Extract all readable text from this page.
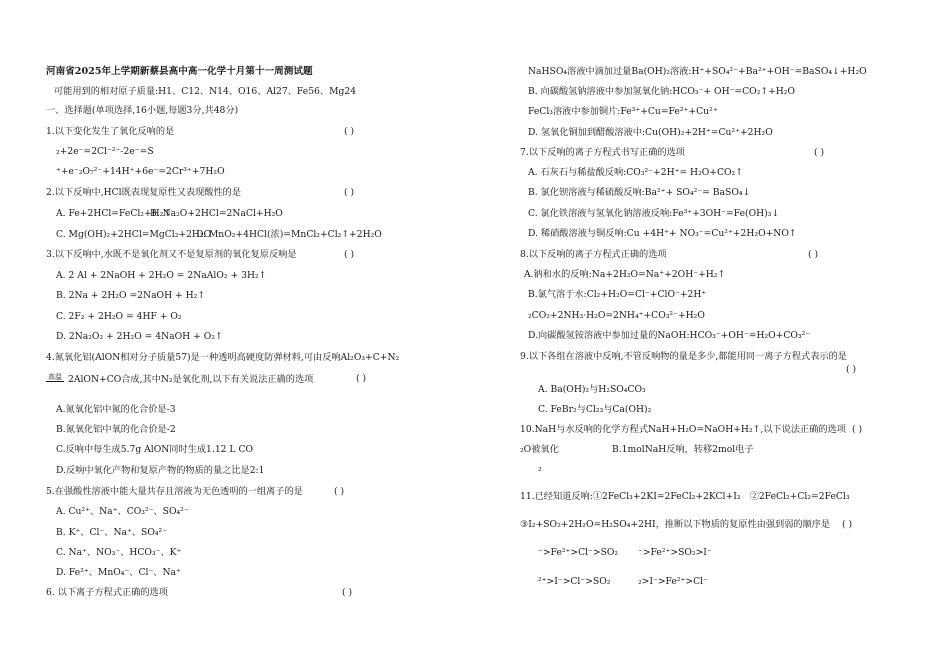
河南省2025年上学期新蔡县高中高一化学十月第十一周测试题
可能用到的相对原子质量:H1、C12、N14、O16、Al27、Fe56、Mg24
一、选择题(单项选择,16小题,每题3分,共48分)
1.以下变化发生了氧化反响的是	( )
₂+2e⁻=2Cl⁻²⁻-2e⁻=S
⁺+e⁻₂O₇²⁻+14H⁺+6e⁻=2Cr³⁺+7H₂O
2.以下反响中,HCl既表现复原性又表现酸性的是	( )
A. Fe+2HCl=FeCl₂+H₂↑
B. Na₂O+2HCl=2NaCl+H₂O
C. Mg(OH)₂+2HCl=MgCl₂+2H₂O
D. MnO₂+4HCl(浓)=MnCl₂+Cl₂↑+2H₂O
3.以下反响中,水既不是氧化剂又不是复原剂的氧化复原反响是	( )
A. 2 Al + 2NaOH + 2H₂O = 2NaAlO₂ + 3H₂↑
B. 2Na + 2H₂O =2NaOH + H₂↑
C. 2F₂ + 2H₂O = 4HF + O₂
D. 2Na₂O₂ + 2H₂O = 4NaOH + O₂↑
4.氮氧化铝(AlON相对分子质量57)是一种透明高硬度防弹材料,可由反响Al₂O₃+C+N₂
高温 2AlON+CO合成,其中N₂是氧化剂,以下有关说法正确的选项	( )
A.氮氧化铝中氮的化合价是-3
B.氮氧化铝中氧的化合价是-2
C.反响中每生成5.7g AlON同时生成1.12 L CO
D.反响中氧化产物和复原产物的物质的量之比是2:1
5.在强酸性溶液中能大量共存且溶液为无色透明的一组离子的是	( )
A. Cu²⁺、Na⁺、CO₃²⁻、SO₄²⁻
B. K⁺、Cl⁻、Na⁺、SO₄²⁻
C. Na⁺、NO₃⁻、HCO₃⁻、K⁺
D. Fe²⁺、MnO₄⁻、Cl⁻、Na⁺
6. 以下离子方程式正确的选项	( )
NaHSO₄溶液中滴加过量Ba(OH)₂溶液:H⁺+SO₄²⁻+Ba²⁺+OH⁻=BaSO₄↓+H₂O
B. 向碳酸氢钠溶液中参加氢氧化钠:HCO₃⁻+ OH⁻=CO₂↑+H₂O
FeCl₃溶液中参加铜片:Fe³⁺+Cu=Fe²⁺+Cu²⁺
D. 氢氧化铜加到醋酸溶液中:Cu(OH)₂+2H⁺=Cu²⁺+2H₂O
7.以下反响的离子方程式书写正确的选项	( )
A. 石灰石与稀盐酸反响:CO₃²⁻+2H⁺= H₂O+CO₂↑
B. 氯化钡溶液与稀硫酸反响:Ba²⁺+ SO₄²⁻= BaSO₄↓
C. 氯化铁溶液与氢氧化钠溶液反响:Fe³⁺+3OH⁻=Fe(OH)₃↓
D. 稀硝酸溶液与铜反响:Cu +4H⁺+ NO₃⁻=Cu²⁺+2H₂O+NO↑
8.以下反响的离子方程式正确的选项	( )
A.钠和水的反响:Na+2H₂O=Na⁺+2OH⁻+H₂↑
B.氯气溶于水:Cl₂+H₂O=Cl⁻+ClO⁻+2H⁺
₂CO₂+2NH₃·H₂O=2NH₄⁺+CO₃²⁻+H₂O
D.向碳酸氢铵溶液中参加过量的NaOH:HCO₃⁻+OH⁻=H₂O+CO₃²⁻
9.以下各组在溶液中反响,不管反响物的量是多少,都能用同一离子方程式表示的是
( )
A. Ba(OH)₂与H₂SO₄CO₃
C. FeBr₂与Cl₂₃与Ca(OH)₂
10.NaH与水反响的化学方程式NaH+H₂O=NaOH+H₂↑,以下说法正确的选项 ( )
₂O被氧化	B.1molNaH反响，转移2mol电子
₂
11.已经知道反响:①2FeCl₃+2KI=2FeCl₂+2KCl+I₂　②2FeCl₂+Cl₂=2FeCl₃
③I₂+SO₂+2H₂O=H₂SO₄+2HI，推断以下物质的复原性由强到弱的顺序是 ( )
⁻>Fe²⁺>Cl⁻>SO₂ ⁻>Fe²⁺>SO₂>I⁻
²⁺>I⁻>Cl⁻>SO₂	₂>I⁻>Fe²⁺>Cl⁻
